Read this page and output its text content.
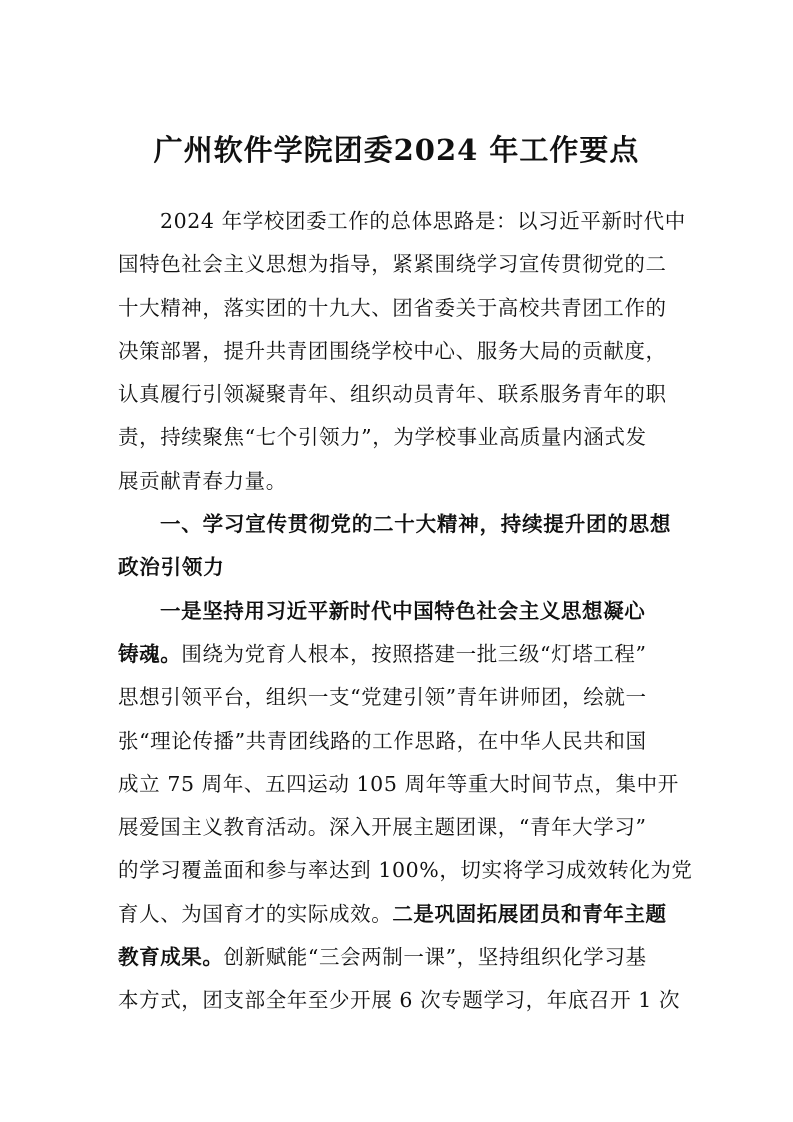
广州软件学院团委2024 年工作要点
2024 年学校团委工作的总体思路是：以习近平新时代中
国特色社会主义思想为指导，紧紧围绕学习宣传贯彻党的二
十大精神，落实团的十九大、团省委关于高校共青团工作的
决策部署，提升共青团围绕学校中心、服务大局的贡献度，
认真履行引领凝聚青年、组织动员青年、联系服务青年的职
责，持续聚焦“七个引领力”，为学校事业高质量内涵式发
展贡献青春力量。
一、学习宣传贯彻党的二十大精神，持续提升团的思想
政治引领力
一是坚持用习近平新时代中国特色社会主义思想凝心
铸魂。围绕为党育人根本，按照搭建一批三级“灯塔工程”
思想引领平台，组织一支“党建引领”青年讲师团，绘就一
张“理论传播”共青团线路的工作思路，在中华人民共和国
成立 75 周年、五四运动 105 周年等重大时间节点，集中开
展爱国主义教育活动。深入开展主题团课，“青年大学习”
的学习覆盖面和参与率达到 100%，切实将学习成效转化为党
育人、为国育才的实际成效。二是巩固拓展团员和青年主题
教育成果。创新赋能“三会两制一课”，坚持组织化学习基
本方式，团支部全年至少开展 6 次专题学习，年底召开 1 次
